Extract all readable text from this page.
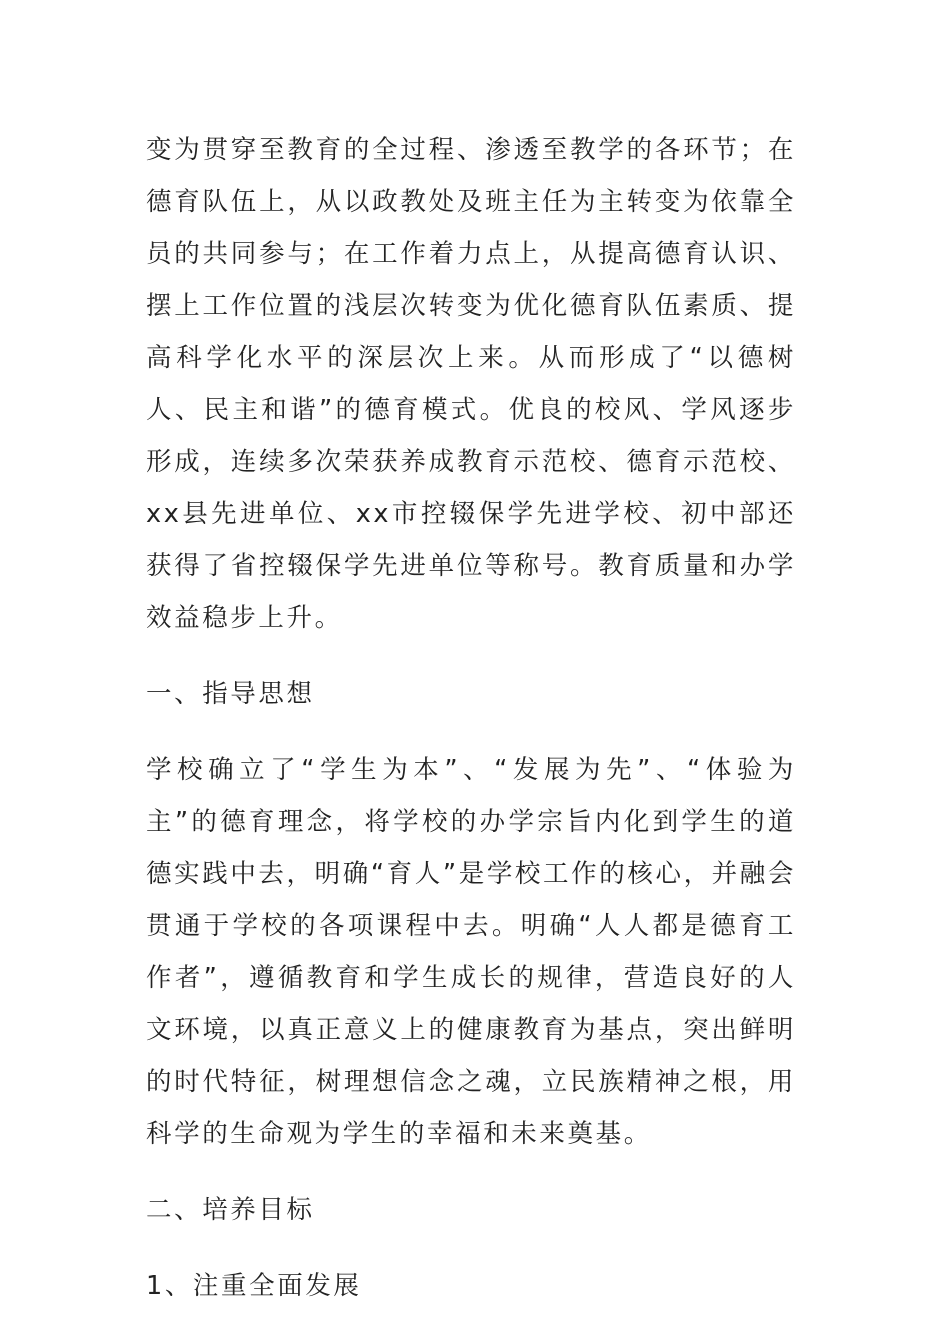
变为贯穿至教育的全过程、渗透至教学的各环节；在德育队伍上，从以政教处及班主任为主转变为依靠全员的共同参与；在工作着力点上，从提高德育认识、摆上工作位置的浅层次转变为优化德育队伍素质、提高科学化水平的深层次上来。从而形成了“以德树人、民主和谐”的德育模式。优良的校风、学风逐步形成，连续多次荣获养成教育示范校、德育示范校、xx县先进单位、xx市控辍保学先进学校、初中部还获得了省控辍保学先进单位等称号。教育质量和办学效益稳步上升。

一、指导思想

学校确立了“学生为本”、“发展为先”、“体验为主”的德育理念，将学校的办学宗旨内化到学生的道德实践中去，明确“育人”是学校工作的核心，并融会贯通于学校的各项课程中去。明确“人人都是德育工作者”，遵循教育和学生成长的规律，营造良好的人文环境，以真正意义上的健康教育为基点，突出鲜明的时代特征，树理想信念之魂，立民族精神之根，用科学的生命观为学生的幸福和未来奠基。

二、培养目标

1、注重全面发展
